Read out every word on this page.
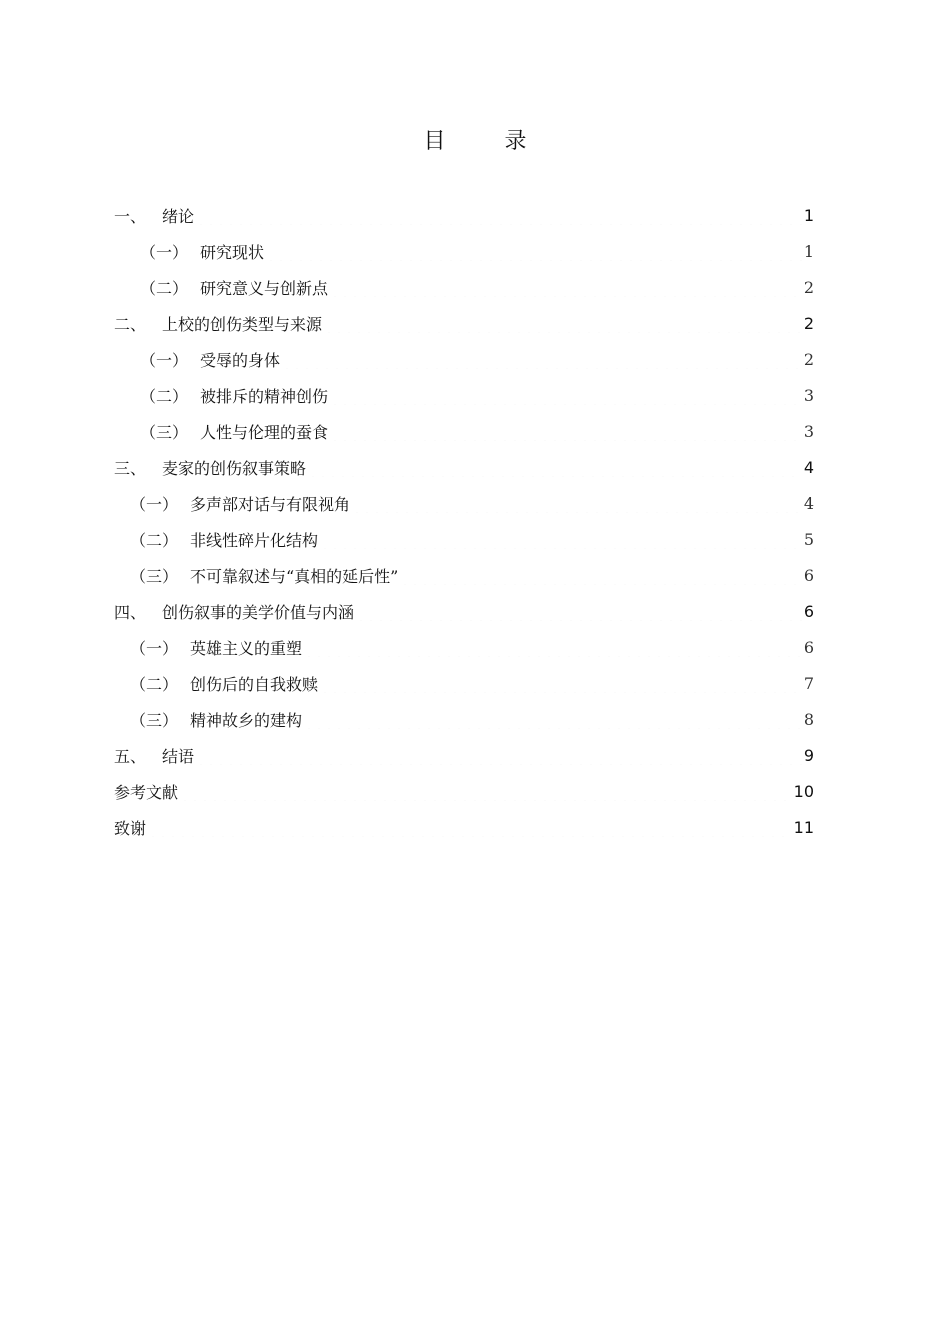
目 录
一、 绪论	1
（一） 研究现状	1
（二） 研究意义与创新点	2
二、 上校的创伤类型与来源	2
（一） 受辱的身体	2
（二） 被排斥的精神创伤	3
（三） 人性与伦理的蚕食	3
三、 麦家的创伤叙事策略	4
（一） 多声部对话与有限视角	4
（二） 非线性碎片化结构	5
（三） 不可靠叙述与“真相的延后性”	6
四、 创伤叙事的美学价值与内涵	6
（一） 英雄主义的重塑	6
（二） 创伤后的自我救赎	7
（三） 精神故乡的建构	8
五、 结语	9
参考文献	10
致谢	11
